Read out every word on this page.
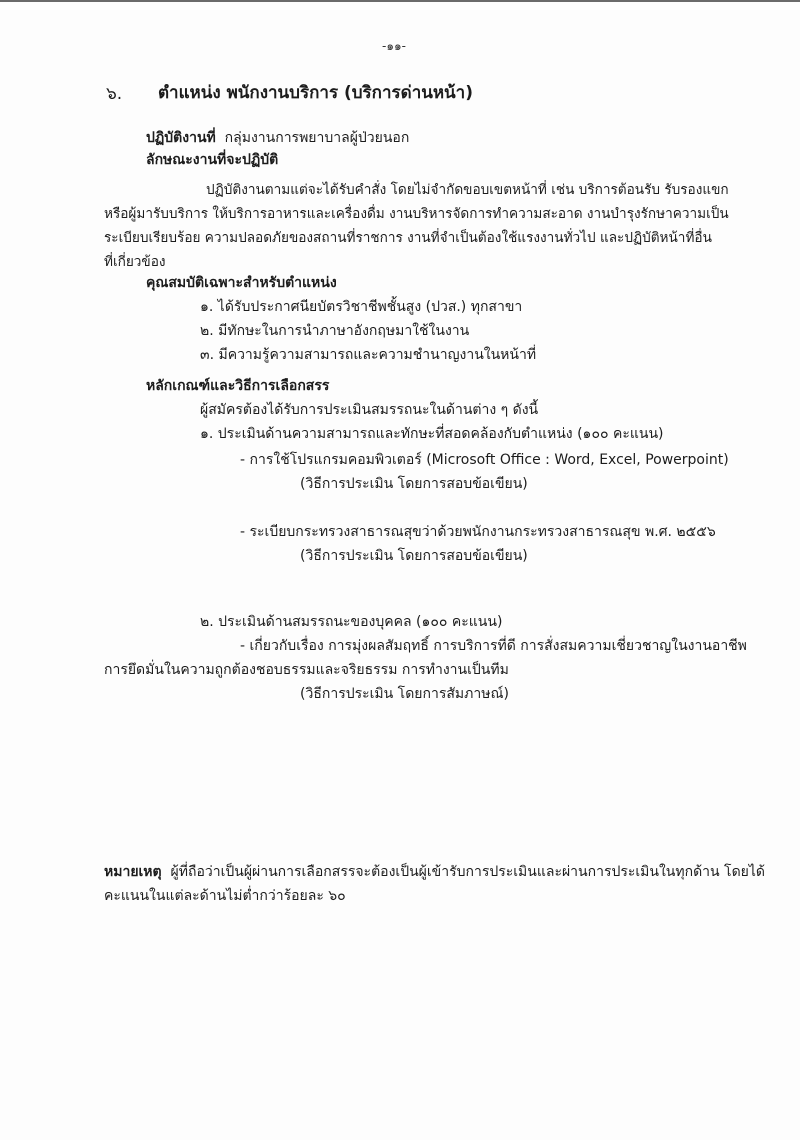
-๑๑-
๖. ตำแหน่ง พนักงานบริการ (บริการด่านหน้า)
ปฏิบัติงานที่ กลุ่มงานการพยาบาลผู้ป่วยนอก
ลักษณะงานที่จะปฏิบัติ
ปฏิบัติงานตามแต่จะได้รับคำสั่ง โดยไม่จำกัดขอบเขตหน้าที่ เช่น บริการต้อนรับ รับรองแขก
หรือผู้มารับบริการ ให้บริการอาหารและเครื่องดื่ม งานบริหารจัดการทำความสะอาด งานบำรุงรักษาความเป็น
ระเบียบเรียบร้อย ความปลอดภัยของสถานที่ราชการ งานที่จำเป็นต้องใช้แรงงานทั่วไป และปฏิบัติหน้าที่อื่น
ที่เกี่ยวข้อง
คุณสมบัติเฉพาะสำหรับตำแหน่ง
๑. ได้รับประกาศนียบัตรวิชาชีพชั้นสูง (ปวส.) ทุกสาขา
๒. มีทักษะในการนำภาษาอังกฤษมาใช้ในงาน
๓. มีความรู้ความสามารถและความชำนาญงานในหน้าที่
หลักเกณฑ์และวิธีการเลือกสรร
ผู้สมัครต้องได้รับการประเมินสมรรถนะในด้านต่าง ๆ ดังนี้
๑. ประเมินด้านความสามารถและทักษะที่สอดคล้องกับตำแหน่ง (๑๐๐ คะแนน)
- การใช้โปรแกรมคอมพิวเตอร์ (Microsoft Office : Word, Excel, Powerpoint)
(วิธีการประเมิน โดยการสอบข้อเขียน)
- ระเบียบกระทรวงสาธารณสุขว่าด้วยพนักงานกระทรวงสาธารณสุข พ.ศ. ๒๕๕๖
(วิธีการประเมิน โดยการสอบข้อเขียน)
๒. ประเมินด้านสมรรถนะของบุคคล (๑๐๐ คะแนน)
- เกี่ยวกับเรื่อง การมุ่งผลสัมฤทธิ์ การบริการที่ดี การสั่งสมความเชี่ยวชาญในงานอาชีพ
การยึดมั่นในความถูกต้องชอบธรรมและจริยธรรม การทำงานเป็นทีม
(วิธีการประเมิน โดยการสัมภาษณ์)
หมายเหตุ ผู้ที่ถือว่าเป็นผู้ผ่านการเลือกสรรจะต้องเป็นผู้เข้ารับการประเมินและผ่านการประเมินในทุกด้าน โดยได้
คะแนนในแต่ละด้านไม่ต่ำกว่าร้อยละ ๖๐
